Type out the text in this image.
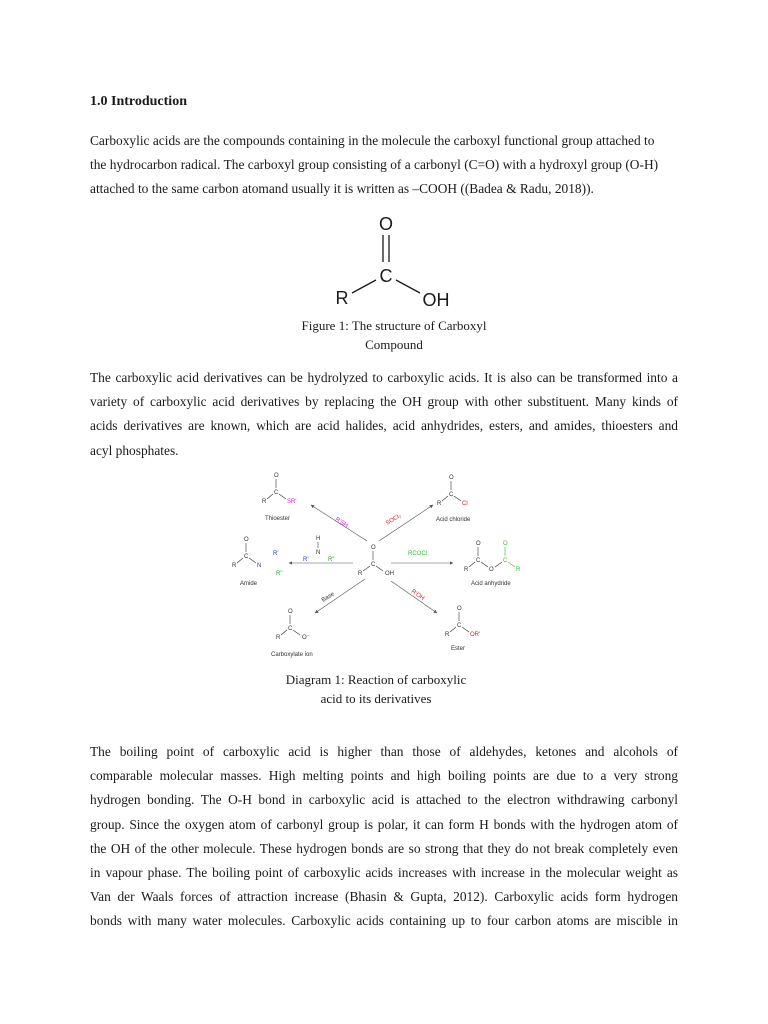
1.0 Introduction

Carboxylic acids are the compounds containing in the molecule the carboxyl functional group attached to
the hydrocarbon radical. The carboxyl group consisting of a carbonyl (C=O) with a hydroxyl group (O-H)
attached to the same carbon atomand usually it is written as –COOH ((Badea & Radu, 2018)).

O
C
R	OH
Figure 1: The structure of Carboxyl
Compound

The carboxylic acid derivatives can be hydrolyzed to carboxylic acids. It is also can be transformed into a
variety of carboxylic acid derivatives by replacing the OH group with other substituent. Many kinds of
acids derivatives are known, which are acid halides, acid anhydrides, esters, and amides, thioesters and
acyl phosphates.

O
C
R	OH
O
C
R	SR'
Thioester	R'SH
O
C
R	Cl
Acid chloride
SOCl₂
O
C
R	N
R'
R"
Amide
H
N
R'	R"
O
C
R	O
O
C
R
Acid anhydride
RCOCl
O
C
R	O⁻
Carboxylate ion
Base
O
C
R	OR'
Ester
R'OH
Diagram 1: Reaction of carboxylic
acid to its derivatives

The boiling point of carboxylic acid is higher than those of aldehydes, ketones and alcohols of
comparable molecular masses. High melting points and high boiling points are due to a very strong
hydrogen bonding. The O-H bond in carboxylic acid is attached to the electron withdrawing carbonyl
group. Since the oxygen atom of carbonyl group is polar, it can form H bonds with the hydrogen atom of
the OH of the other molecule. These hydrogen bonds are so strong that they do not break completely even
in vapour phase. The boiling point of carboxylic acids increases with increase in the molecular weight as
Van der Waals forces of attraction increase (Bhasin & Gupta, 2012). Carboxylic acids form hydrogen
bonds with many water molecules. Carboxylic acids containing up to four carbon atoms are miscible in
